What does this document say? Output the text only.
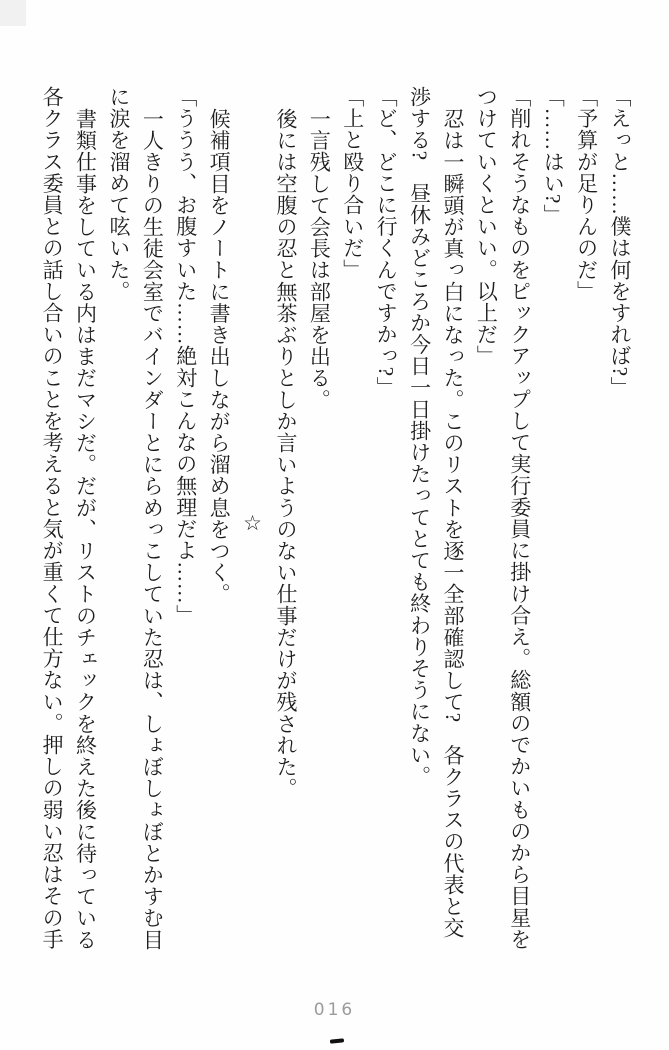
「えっと……僕は何をすれば?」

「予算が足りんのだ」

「……はい?」

「削れそうなものをピックアップして実行委員に掛け合え。総額のでかいものから目星を

つけていくといい。以上だ」

忍は一瞬頭が真っ白になった。このリストを逐一全部確認して?　各クラスの代表と交

渉する?　昼休みどころか今日一日掛けたってとても終わりそうにない。

「ど、どこに行くんですかっ?」

「上と殴り合いだ」

一言残して会長は部屋を出る。

後には空腹の忍と無茶ぶりとしか言いようのない仕事だけが残された。

☆

候補項目をノートに書き出しながら溜め息をつく。

「ううう、お腹すいた……絶対こんなの無理だよ……」

一人きりの生徒会室でバインダーとにらめっこしていた忍は、しょぼしょぼとかすむ目

に涙を溜めて呟いた。

書類仕事をしている内はまだマシだ。だが、リストのチェックを終えた後に待っている

各クラス委員との話し合いのことを考えると気が重くて仕方ない。押しの弱い忍はその手

016
